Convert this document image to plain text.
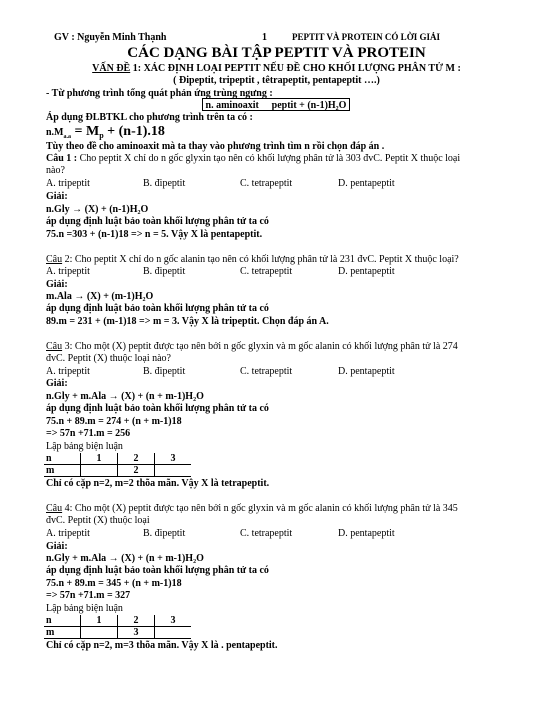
GV : Nguyễn Minh Thạnh	1	PEPTIT VÀ PROTEIN CÓ LỜI GIẢI
CÁC DẠNG BÀI TẬP PEPTIT VÀ PROTEIN
VẤN ĐỀ 1: XÁC ĐỊNH LOẠI PEPTIT NẾU ĐỀ CHO KHỐI LƯỢNG PHÂN TỬ M :
( Đipeptit, tripeptit , têtrapeptit, pentapeptit ….)
- Từ phương trình tổng quát phản ứng trùng ngưng :
n. aminoaxit ⃞ peptit + (n-1)H₂O
Áp dụng ĐLBTKL cho phương trình trên ta có :
$n.M_{a.a} = M_p + (n-1).18$
Tùy theo đề cho aminoaxit mà ta thay vào phương trình tìm n rồi chọn đáp án .
Câu 1 : Cho peptit X chỉ do n gốc glyxin tạo nên có khối lượng phân tử là 303 đvC. Peptit X thuộc loại
nào?
A. tripeptit	B. đipeptit	C. tetrapeptit	D. pentapeptit
Giải:
n.Gly → (X) + (n-1)H₂O
áp dụng định luật bảo toàn khối lượng phân tử ta có
75.n =303 + (n-1)18 => n = 5. Vậy X là pentapeptit.
Câu 2: Cho peptit X chỉ do n gốc alanin tạo nên có khối lượng phân tử là 231 đvC. Peptit X thuộc loại?
A. tripeptit	B. đipeptit	C. tetrapeptit	D. pentapeptit
Giải:
m.Ala → (X) + (m-1)H₂O
áp dụng định luật bảo toàn khối lượng phân tử ta có
89.m = 231 + (m-1)18 => m = 3. Vậy X là tripeptit. Chọn đáp án A.
Câu 3: Cho một (X) peptit được tạo nên bởi n gốc glyxin và m gốc alanin có khối lượng phân tử là 274
đvC. Peptit (X) thuộc loại nào?
A. tripeptit	B. đipeptit	C. tetrapeptit	D. pentapeptit
Giải:
n.Gly + m.Ala → (X) + (n + m-1)H₂O
áp dụng định luật bảo toàn khối lượng phân tử ta có
75.n + 89.m = 274 + (n + m-1)18
=> 57n +71.m = 256
Lập bảng biện luận
n	1	2	3
m		2	
Chỉ có cặp n=2, m=2 thõa mãn. Vậy X là tetrapeptit.
Câu 4: Cho một (X) peptit được tạo nên bởi n gốc glyxin và m gốc alanin có khối lượng phân tử là 345
đvC. Peptit (X) thuộc loại
A. tripeptit	B. đipeptit	C. tetrapeptit	D. pentapeptit
Giải:
n.Gly + m.Ala → (X) + (n + m-1)H₂O
áp dụng định luật bảo toàn khối lượng phân tử ta có
75.n + 89.m = 345 + (n + m-1)18
=> 57n +71.m = 327
Lập bảng biện luận
n	1	2	3
m		3	
Chỉ có cặp n=2, m=3 thõa mãn. Vậy X là . pentapeptit.
